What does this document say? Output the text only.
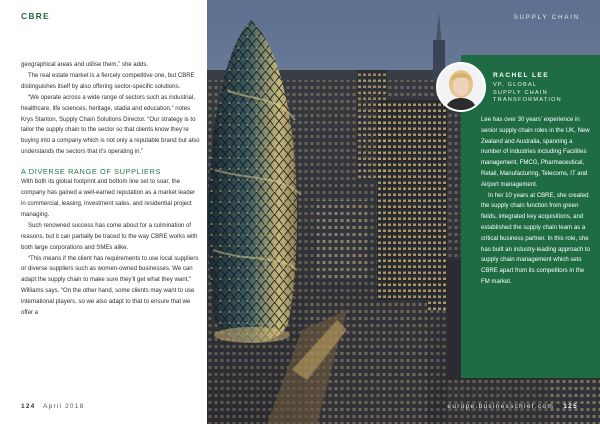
CBRE

geographical areas and utilise them,” she adds.

The real estate market is a fiercely competitive one, but CBRE distinguishes itself by also offering sector-specific solutions.

“We operate across a wide range of sectors such as industrial, healthcare, life sciences, heritage, stadia and education,” notes Krys Stanton, Supply Chain Solutions Director. “Our strategy is to tailor the supply chain to the sector so that clients know they’re buying into a company which is not only a reputable brand but also understands the sectors that it’s operating in.”

A DIVERSE RANGE OF SUPPLIERS

With both its global footprint and bottom line set to soar, the company has gained a well-earned reputation as a market leader in commercial, leasing, investment sales, and residential project managing.

Such renowned success has come about for a culmination of reasons, but it can partially be traced to the way CBRE works with both large corporations and SMEs alike.

“This means if the client has requirements to use local suppliers or diverse suppliers such as women-owned businesses. We can adapt the supply chain to make sure they’ll get what they want,” Williams says. “On the other hand, some clients may want to use international players, so we also adapt to that to ensure that we offer a

124 April 2018
SUPPLY CHAIN
RACHEL LEE
VP, GLOBAL
SUPPLY CHAIN
TRANSFORMATION

Lee has over 30 years’ experience in senior supply chain roles in the UK, New Zealand and Australia, spanning a number of industries including Facilities management, FMCG, Pharmaceutical, Retail, Manufacturing, Telecoms, IT and Airport management.

In her 10 years at CBRE, she created the supply chain function from green fields, integrated key acquisitions, and established the supply chain team as a critical business partner. In this role, she has built an industry-leading approach to supply chain management which sets CBRE apart from its competitors in the FM market.

europe.businesschief.com 125
